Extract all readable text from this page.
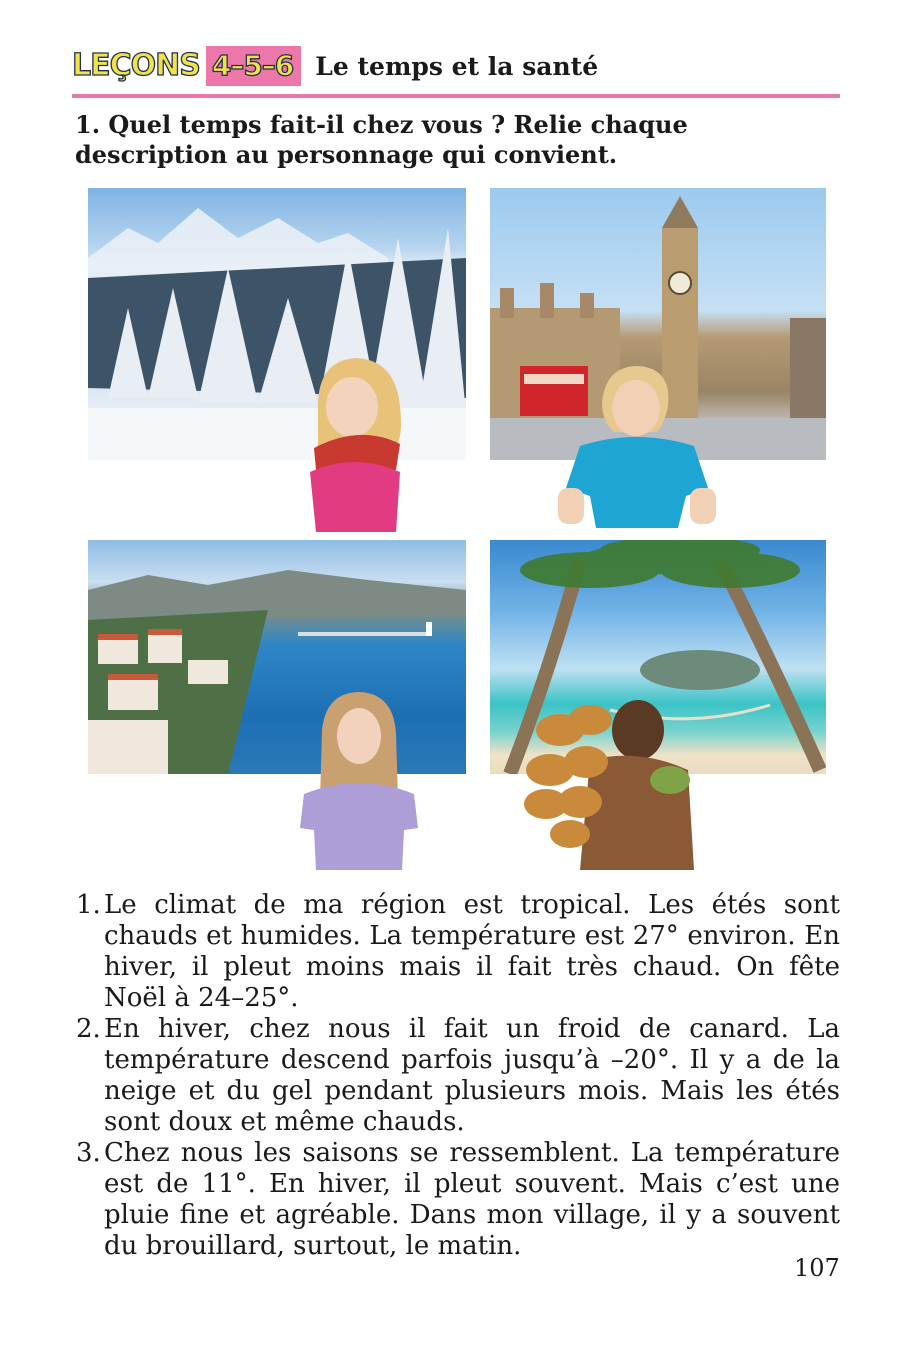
LEÇONS 4–5–6 Le temps et la santé
1. Quel temps fait-il chez vous ? Relie chaque description au personnage qui convient.
1. Le climat de ma région est tropical. Les étés sont chauds et humides. La température est 27° environ. En hiver, il pleut moins mais il fait très chaud. On fête Noël à 24–25°.
2. En hiver, chez nous il fait un froid de canard. La température descend parfois jusqu’à –20°. Il y a de la neige et du gel pendant plusieurs mois. Mais les étés sont doux et même chauds.
3. Chez nous les saisons se ressemblent. La température est de 11°. En hiver, il pleut souvent. Mais c’est une pluie fine et agréable. Dans mon village, il y a souvent du brouillard, surtout, le matin.
107
